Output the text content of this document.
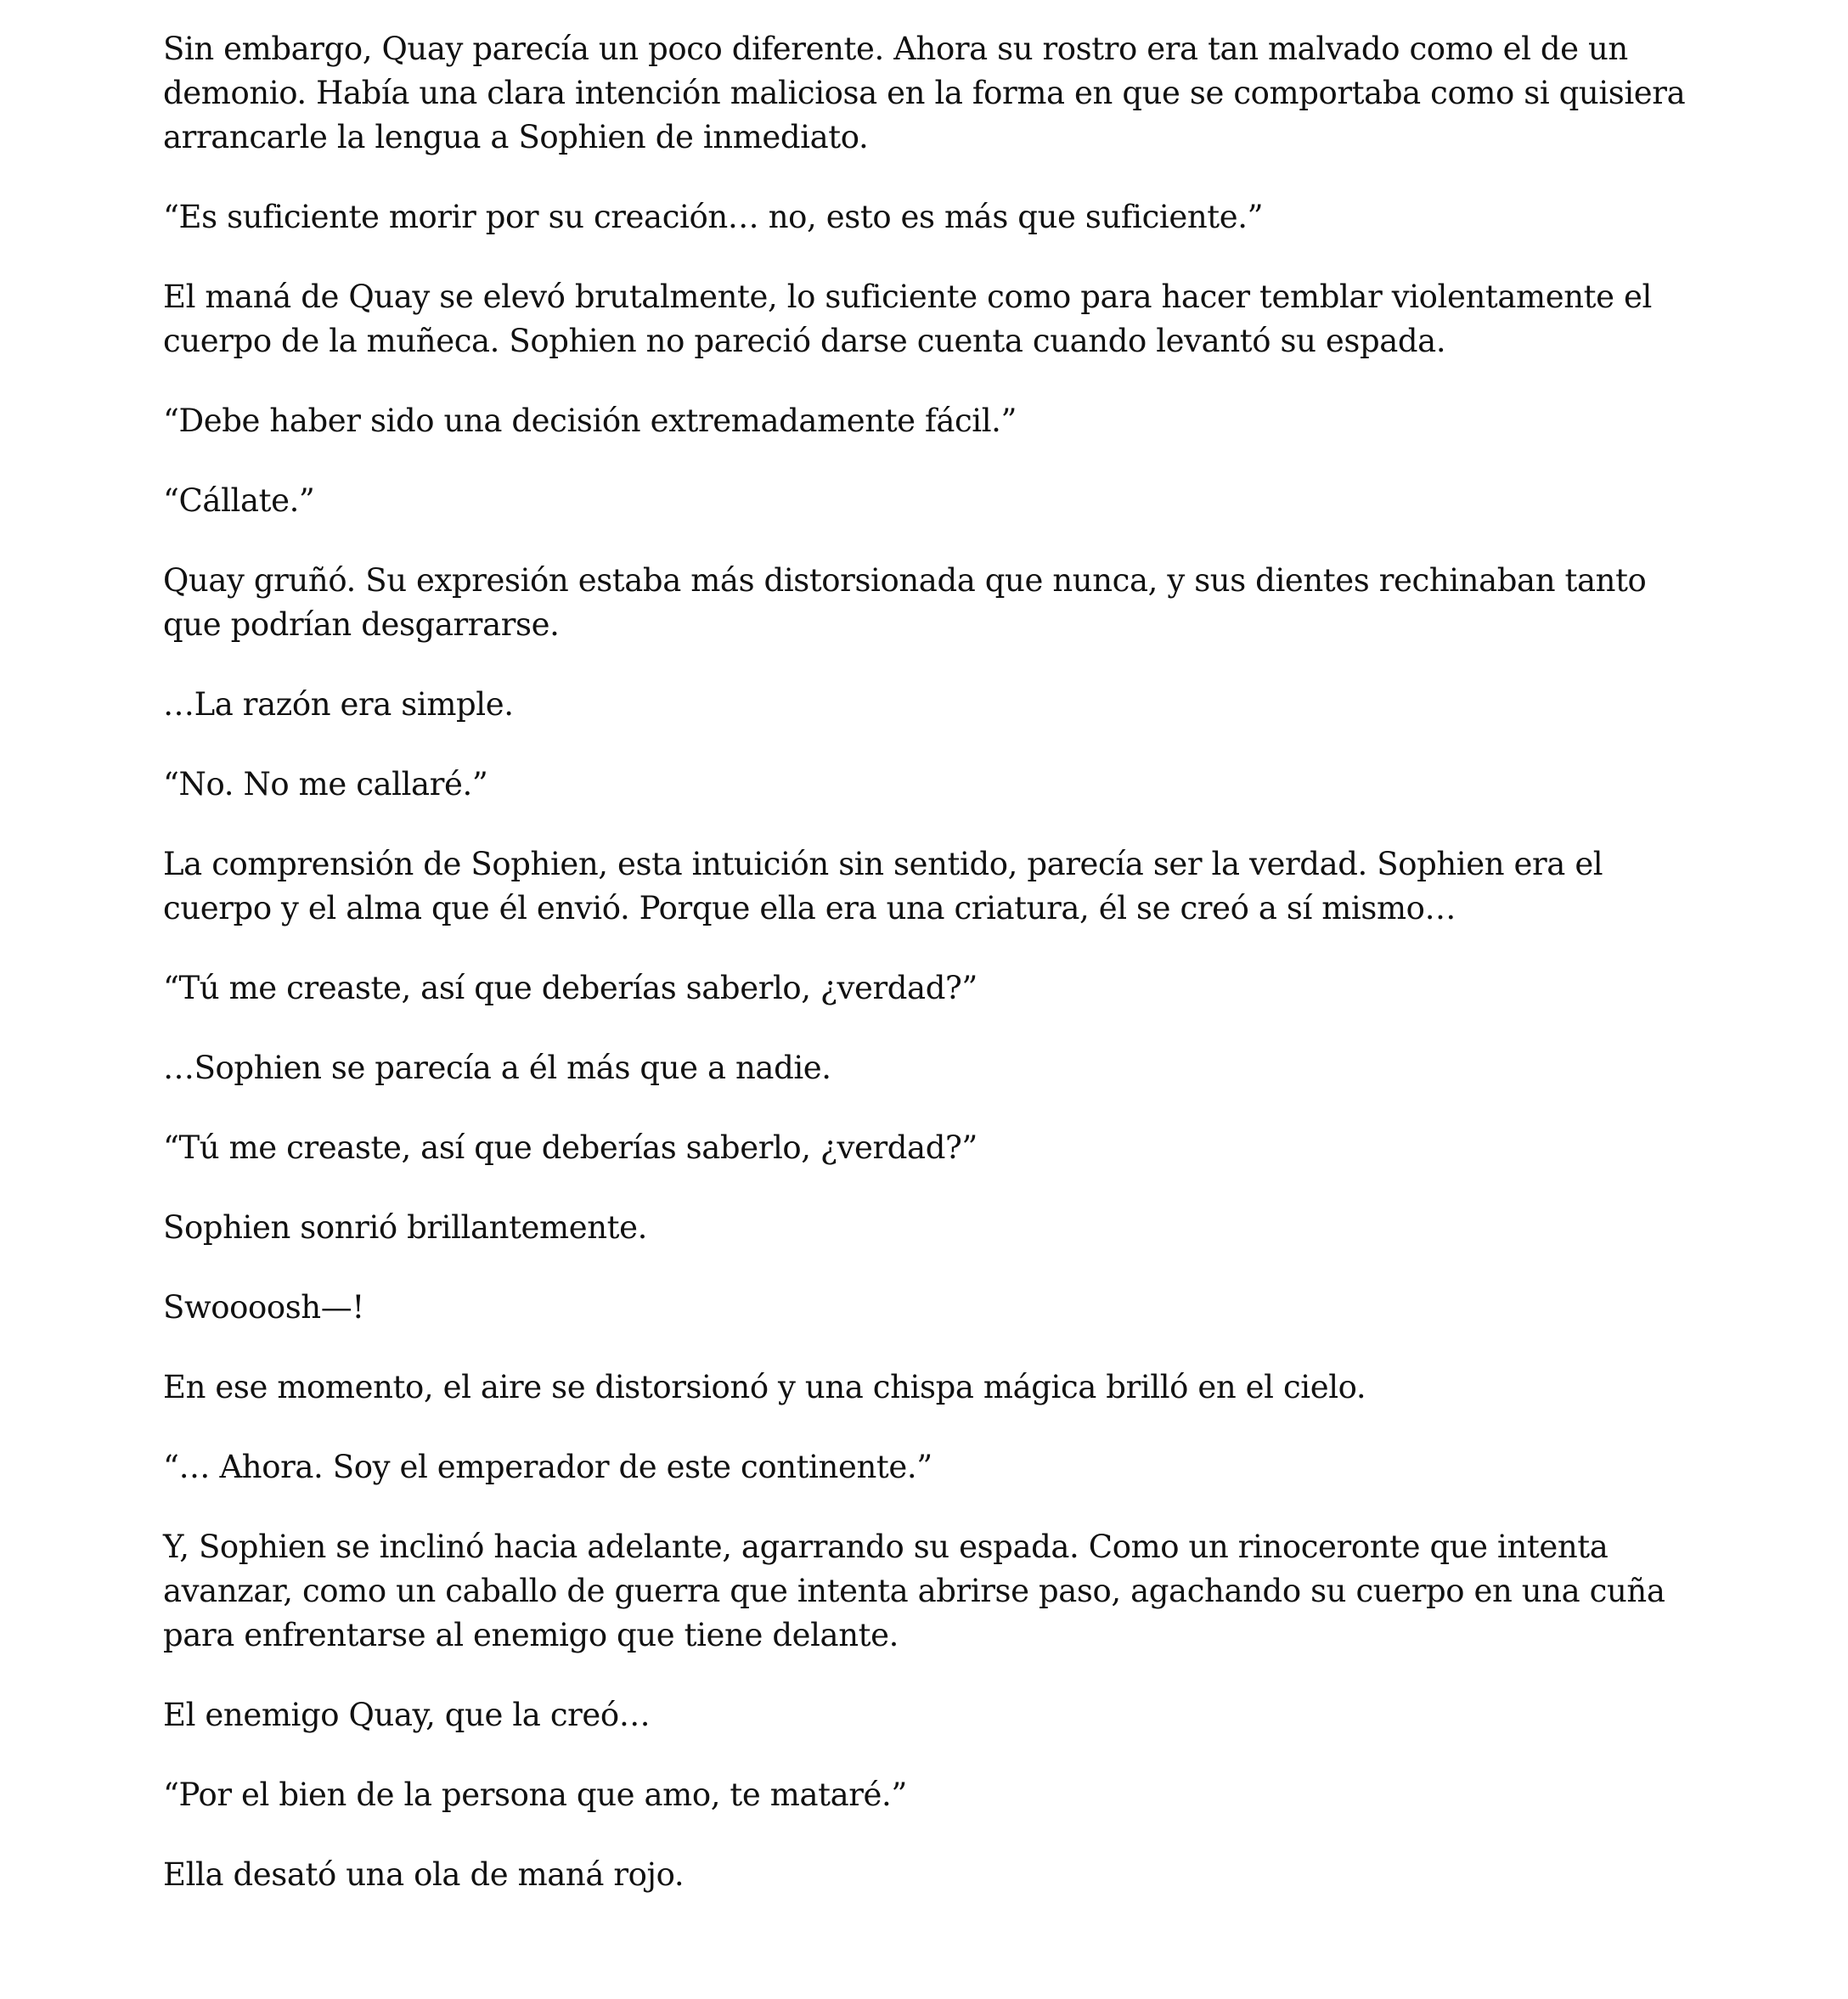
Sin embargo, Quay parecía un poco diferente. Ahora su rostro era tan malvado como el de un demonio. Había una clara intención maliciosa en la forma en que se comportaba como si quisiera arrancarle la lengua a Sophien de inmediato.

“Es suficiente morir por su creación… no, esto es más que suficiente.”

El maná de Quay se elevó brutalmente, lo suficiente como para hacer temblar violentamente el cuerpo de la muñeca. Sophien no pareció darse cuenta cuando levantó su espada.

“Debe haber sido una decisión extremadamente fácil.”

“Cállate.”

Quay gruñó. Su expresión estaba más distorsionada que nunca, y sus dientes rechinaban tanto que podrían desgarrarse.

…La razón era simple.

“No. No me callaré.”

La comprensión de Sophien, esta intuición sin sentido, parecía ser la verdad. Sophien era el cuerpo y el alma que él envió. Porque ella era una criatura, él se creó a sí mismo…

“Tú me creaste, así que deberías saberlo, ¿verdad?”

…Sophien se parecía a él más que a nadie.

“Tú me creaste, así que deberías saberlo, ¿verdad?”

Sophien sonrió brillantemente.

Swoooosh—!

En ese momento, el aire se distorsionó y una chispa mágica brilló en el cielo.

“… Ahora. Soy el emperador de este continente.”

Y, Sophien se inclinó hacia adelante, agarrando su espada. Como un rinoceronte que intenta avanzar, como un caballo de guerra que intenta abrirse paso, agachando su cuerpo en una cuña para enfrentarse al enemigo que tiene delante.

El enemigo Quay, que la creó…

“Por el bien de la persona que amo, te mataré.”

Ella desató una ola de maná rojo.
